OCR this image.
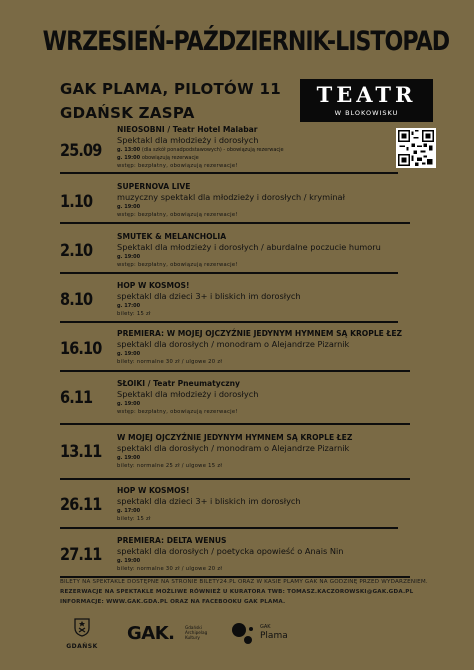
WRZESIEŃ-PAŹDZIERNIK-LISTOPAD
GAK PLAMA, PILOTÓW 11
GDAŃSK ZASPA
TEATR
W BLOKOWISKU
25.09
NIEOSOBNI / Teatr Hotel Malabar
Spektakl dla młodzieży i dorosłych
g. 13:00 (dla szkół ponadpodstawowych) - obowiązują rezerwacje
g. 19:00 obowiązują rezerwacje
wstęp: bezpłatny, obowiązują rezerwacje!
1.10
SUPERNOVA LIVE
muzyczny spektakl dla młodzieży i dorosłych / kryminał
g. 19:00
wstęp: bezpłatny, obowiązują rezerwacje!
2.10
SMUTEK & MELANCHOLIA
Spektakl dla młodzieży i dorosłych / aburdalne poczucie humoru
g. 19:00
wstęp: bezpłatny, obowiązują rezerwacje!
8.10
HOP W KOSMOS!
spektakl dla dzieci 3+ i bliskich im dorosłych
g. 17:00
bilety: 15 zł
16.10
PREMIERA: W MOJEJ OJCZYŹNIE JEDYNYM HYMNEM SĄ KROPLE ŁEZ
spektakl dla dorosłych / monodram o Alejandrze Pizarnik
g. 19:00
bilety: normalne 30 zł / ulgowe 20 zł
6.11
SŁOIKI / Teatr Pneumatyczny
Spektakl dla młodzieży i dorosłych
g. 19:00
wstęp: bezpłatny, obowiązują rezerwacje!
13.11
W MOJEJ OJCZYŹNIE JEDYNYM HYMNEM SĄ KROPLE ŁEZ
spektakl dla dorosłych / monodram o Alejandrze Pizarnik
g. 19:00
bilety: normalne 25 zł / ulgowe 15 zł
26.11
HOP W KOSMOS!
spektakl dla dzieci 3+ i bliskich im dorosłych
g. 17:00
bilety: 15 zł
27.11
PREMIERA: DELTA WENUS
spektakl dla dorosłych / poetycka opowieść o Anais Nin
g. 19:00
bilety: normalne 30 zł / ulgowe 20 zł
BILETY NA SPEKTAKLE DOSTĘPNE NA STRONIE BILETY24.PL ORAZ W KASIE PLAMY GAK NA GODZINĘ PRZED WYDARZENIEM.
REZERWACJE NA SPEKTAKLE MOŻLIWE RÓWNIEŻ U KURATORA TWB: TOMASZ.KACZOROWSKI@GAK.GDA.PL
INFORMACJE: WWW.GAK.GDA.PL ORAZ NA FACEBOOKU GAK PLAMA.
GDAŃSK
GAK.	Gdański Archipelag Kultury
GAK
Plama
